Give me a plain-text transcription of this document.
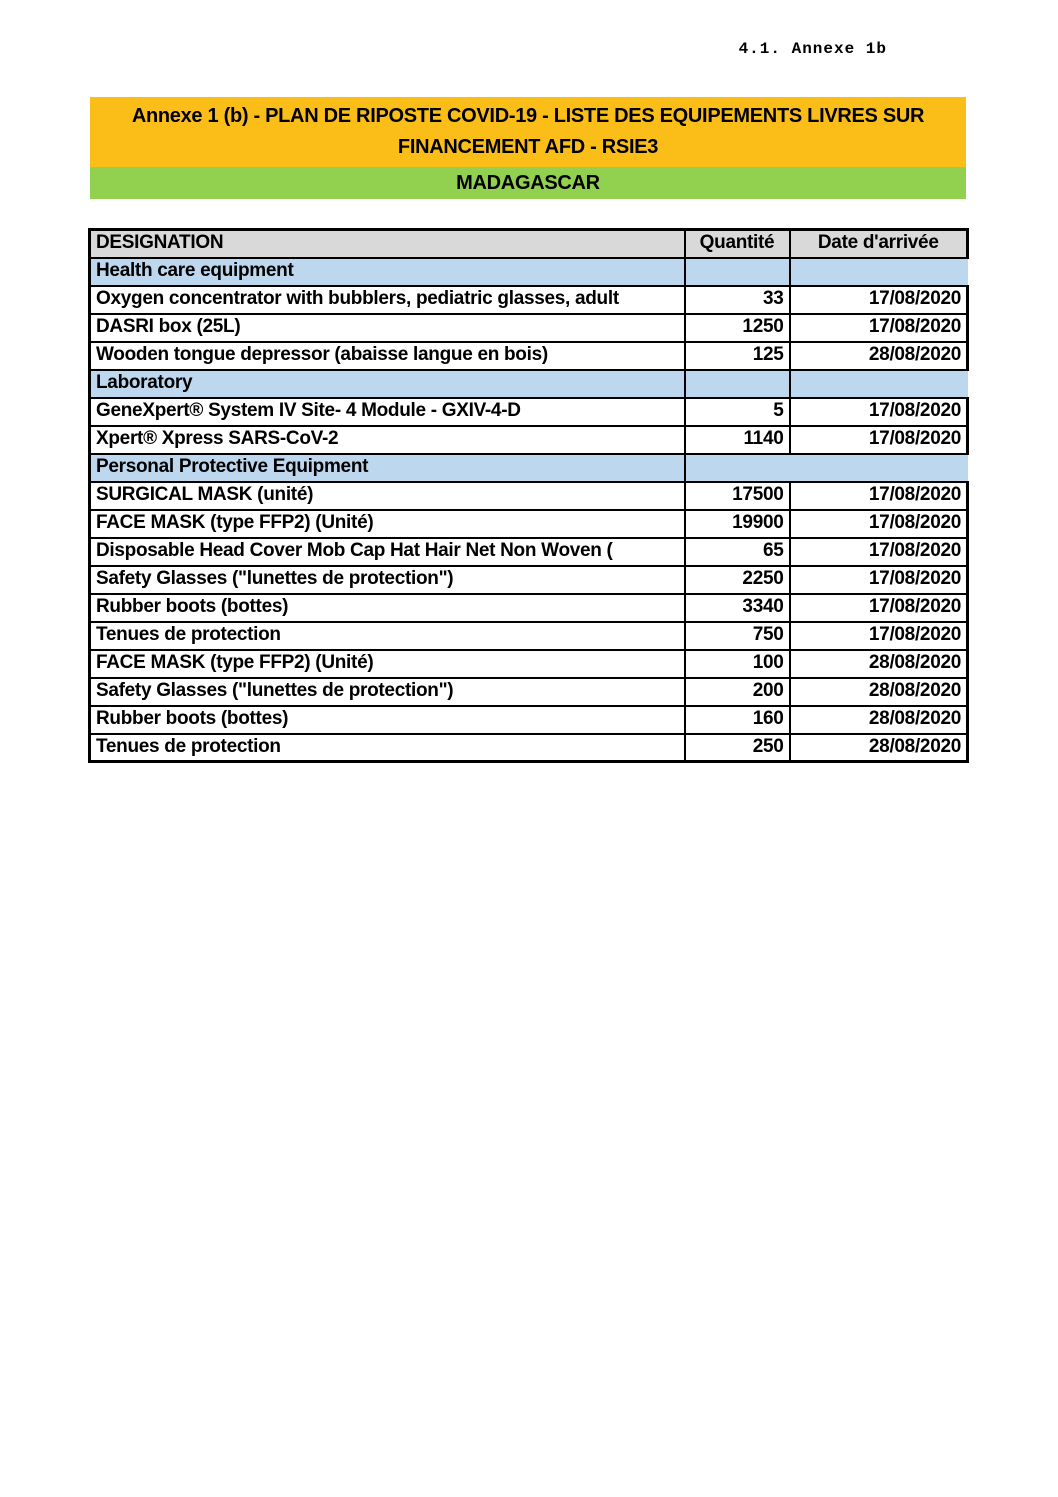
4.1. Annexe 1b
Annexe 1 (b) - PLAN DE RIPOSTE COVID-19 - LISTE DES EQUIPEMENTS LIVRES SUR
FINANCEMENT AFD - RSIE3
MADAGASCAR
DESIGNATION	Quantité	Date d'arrivée
Health care equipment		
Oxygen concentrator with bubblers, pediatric glasses, adult	33	17/08/2020
DASRI box (25L)	1250	17/08/2020
Wooden tongue depressor (abaisse langue en bois)	125	28/08/2020
Laboratory		
GeneXpert® System IV Site- 4 Module - GXIV-4-D	5	17/08/2020
Xpert® Xpress SARS-CoV-2	1140	17/08/2020
Personal Protective Equipment		
SURGICAL MASK (unité)	17500	17/08/2020
FACE MASK (type FFP2) (Unité)	19900	17/08/2020
Disposable Head Cover Mob Cap Hat Hair Net Non Woven (	65	17/08/2020
Safety Glasses ("lunettes de protection")	2250	17/08/2020
Rubber boots (bottes)	3340	17/08/2020
Tenues de protection	750	17/08/2020
FACE MASK (type FFP2) (Unité)	100	28/08/2020
Safety Glasses ("lunettes de protection")	200	28/08/2020
Rubber boots (bottes)	160	28/08/2020
Tenues de protection	250	28/08/2020
